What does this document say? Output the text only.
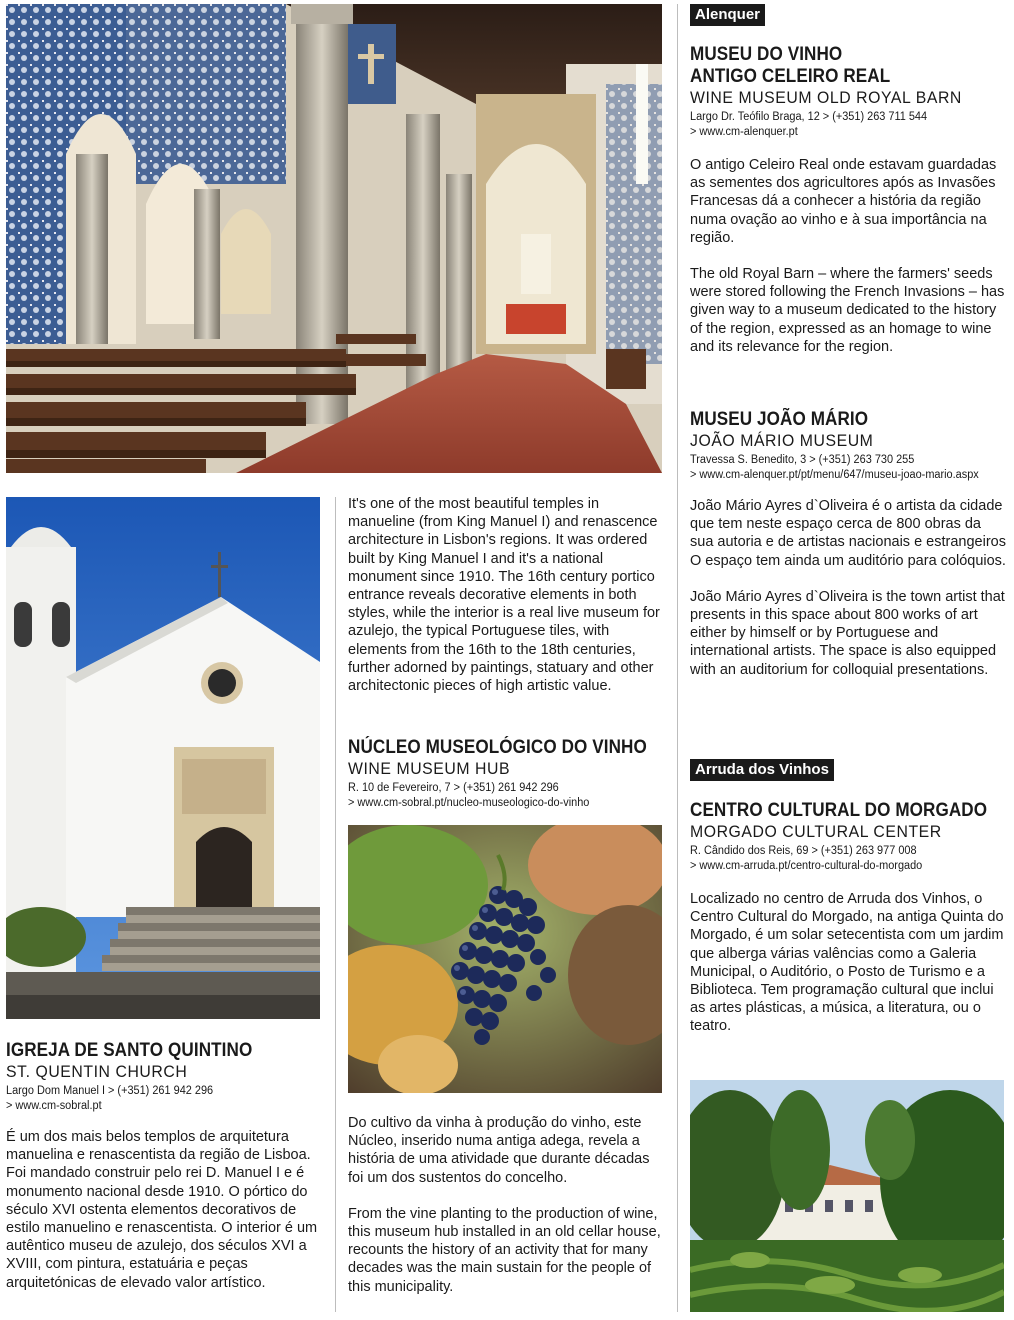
Alenquer
MUSEU DO VINHO
ANTIGO CELEIRO REAL
WINE MUSEUM OLD ROYAL BARN
Largo Dr. Teófilo Braga, 12 > (+351) 263 711 544
> www.cm-alenquer.pt

O antigo Celeiro Real onde estavam guardadas as sementes dos agricultores após as Invasões Francesas dá a conhecer a história da região numa ovação ao vinho e à sua importância na região.

The old Royal Barn – where the farmers' seeds were stored following the French Invasions – has given way to a museum dedicated to the history of the region, expressed as an homage to wine and its relevance for the region.

MUSEU JOÃO MÁRIO
JOÃO MÁRIO MUSEUM
Travessa S. Benedito, 3 > (+351) 263 730 255
> www.cm-alenquer.pt/pt/menu/647/museu-joao-mario.aspx

João Mário Ayres d`Oliveira é o artista da cidade que tem neste espaço cerca de 800 obras da sua autoria e de artistas nacionais e estrangeiros O espaço tem ainda um auditório para colóquios.

João Mário Ayres d`Oliveira is the town artist that presents in this space about 800 works of art either by himself or by Portuguese and international artists. The space is also equipped with an auditorium for colloquial presentations.

Arruda dos Vinhos
CENTRO CULTURAL DO MORGADO
MORGADO CULTURAL CENTER
R. Cândido dos Reis, 69 > (+351) 263 977 008
> www.cm-arruda.pt/centro-cultural-do-morgado

Localizado no centro de Arruda dos Vinhos, o Centro Cultural do Morgado, na antiga Quinta do Morgado, é um solar setecentista com um jardim que alberga várias valências como a Galeria Municipal, o Auditório, o Posto de Turismo e a Biblioteca. Tem programação cultural que inclui as artes plásticas, a música, a literatura, ou o teatro.

It's one of the most beautiful temples in manueline (from King Manuel I) and renascence architecture in Lisbon's regions. It was ordered built by King Manuel I and it's a national monument since 1910. The 16th century portico entrance reveals decorative elements in both styles, while the interior is a real live museum for azulejo, the typical Portuguese tiles, with elements from the 16th to the 18th centuries, further adorned by paintings, statuary and other architectonic pieces of high artistic value.

NÚCLEO MUSEOLÓGICO DO VINHO
WINE MUSEUM HUB
R. 10 de Fevereiro, 7 > (+351) 261 942 296
> www.cm-sobral.pt/nucleo-museologico-do-vinho

Do cultivo da vinha à produção do vinho, este Núcleo, inserido numa antiga adega, revela a história de uma atividade que durante décadas foi um dos sustentos do concelho.

From the vine planting to the production of wine, this museum hub installed in an old cellar house, recounts the history of an activity that for many decades was the main sustain for the people of this municipality.

IGREJA DE SANTO QUINTINO
ST. QUENTIN CHURCH
Largo Dom Manuel I > (+351) 261 942 296
> www.cm-sobral.pt

É um dos mais belos templos de arquitetura manuelina e renascentista da região de Lisboa. Foi mandado construir pelo rei D. Manuel I e é monumento nacional desde 1910. O pórtico do século XVI ostenta elementos decorativos de estilo manuelino e renascentista. O interior é um autêntico museu de azulejo, dos séculos XVI a XVIII, com pintura, estatuária e peças arquitetónicas de elevado valor artístico.
